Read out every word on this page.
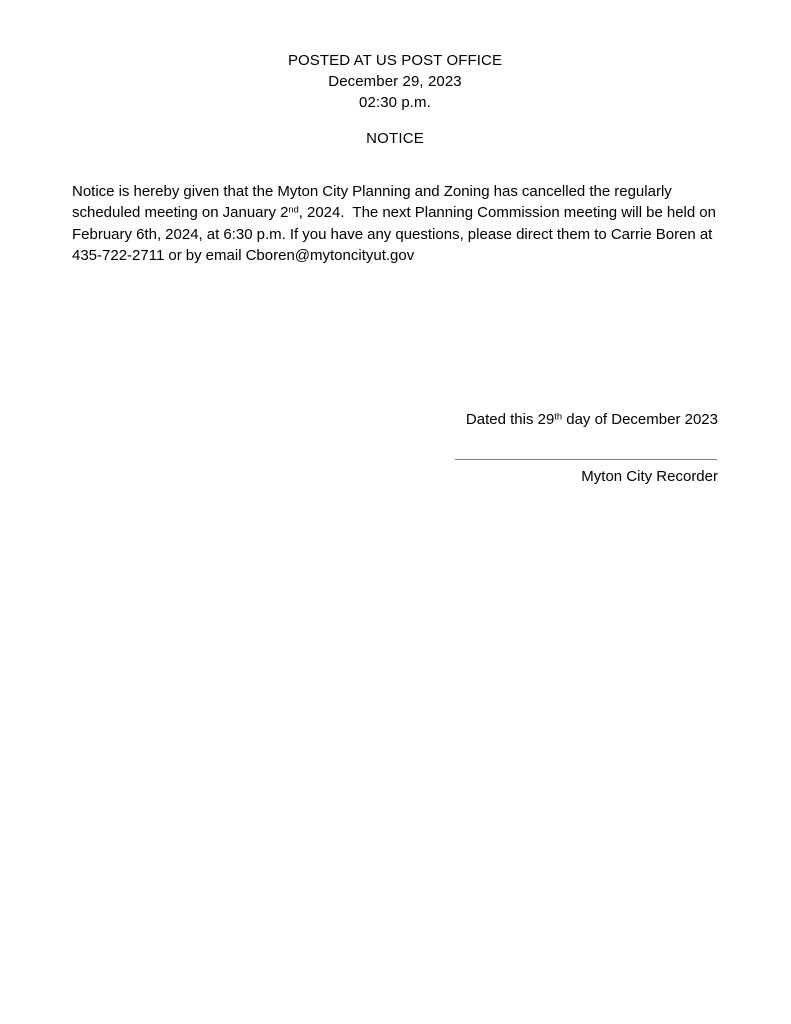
POSTED AT US POST OFFICE
December 29, 2023
02:30 p.m.
NOTICE

Notice is hereby given that the Myton City Planning and Zoning has cancelled the regularly scheduled meeting on January 2nd, 2024.  The next Planning Commission meeting will be held on February 6th, 2024, at 6:30 p.m. If you have any questions, please direct them to Carrie Boren at 435-722-2711 or by email Cboren@mytoncityut.gov

Dated this 29th day of December 2023
Myton City Recorder
